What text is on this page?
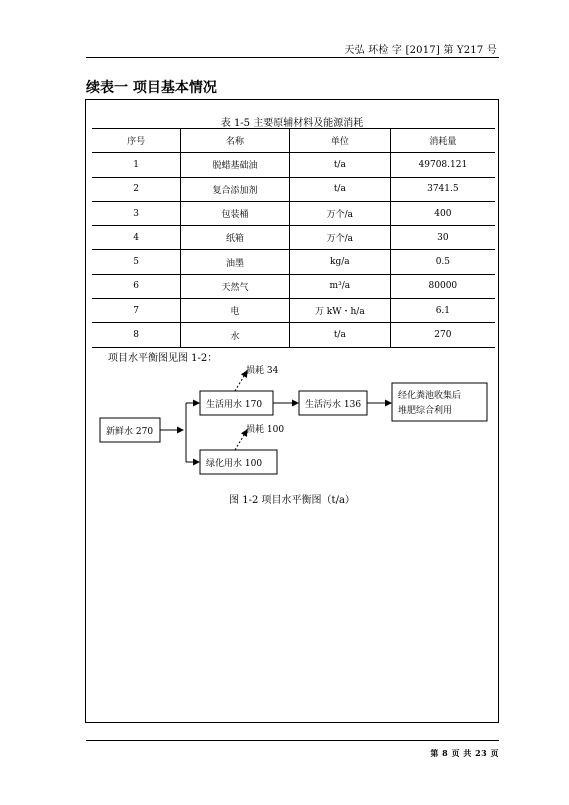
天弘 环检 字 [2017] 第 Y217 号
续表一 项目基本情况
表 1-5 主要原辅材料及能源消耗
序号	名称	单位	消耗量
1	脱蜡基础油	t/a	49708.121
2	复合添加剂	t/a	3741.5
3	包装桶	万个/a	400
4	纸箱	万个/a	30
5	油墨	kg/a	0.5
6	天然气	m³/a	80000
7	电	万 kW・h/a	6.1
8	水	t/a	270
项目水平衡图见图 1-2：
新鲜水 270
生活用水 170	生活污水 136
经化粪池收集后
堆肥综合利用
绿化用水 100
损耗 34
损耗 100
图 1-2 项目水平衡图（t/a）
第 8 页 共 23 页
